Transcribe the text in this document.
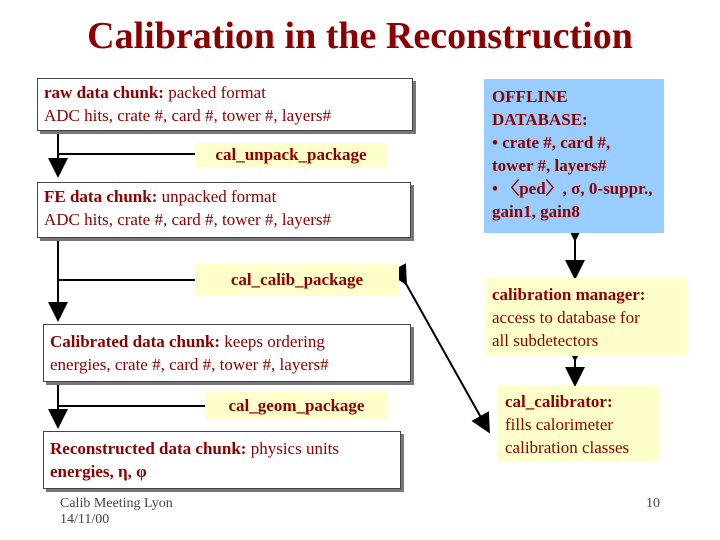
Calibration in the Reconstruction
raw data chunk: packed format
ADC hits, crate #, card #, tower #, layers#
cal_unpack_package
FE data chunk: unpacked format
ADC hits, crate #, card #, tower #, layers#
cal_calib_package
Calibrated data chunk: keeps ordering
energies, crate #, card #, tower #, layers#
cal_geom_package
Reconstructed data chunk: physics units
energies, η, φ
OFFLINE
DATABASE:
• crate #, card #,
tower #, layers#
• 〈ped〉, σ, 0-suppr.,
gain1, gain8
calibration manager:
access to database for
all subdetectors
cal_calibrator:
fills calorimeter
calibration classes
Calib Meeting Lyon
14/11/00
10
